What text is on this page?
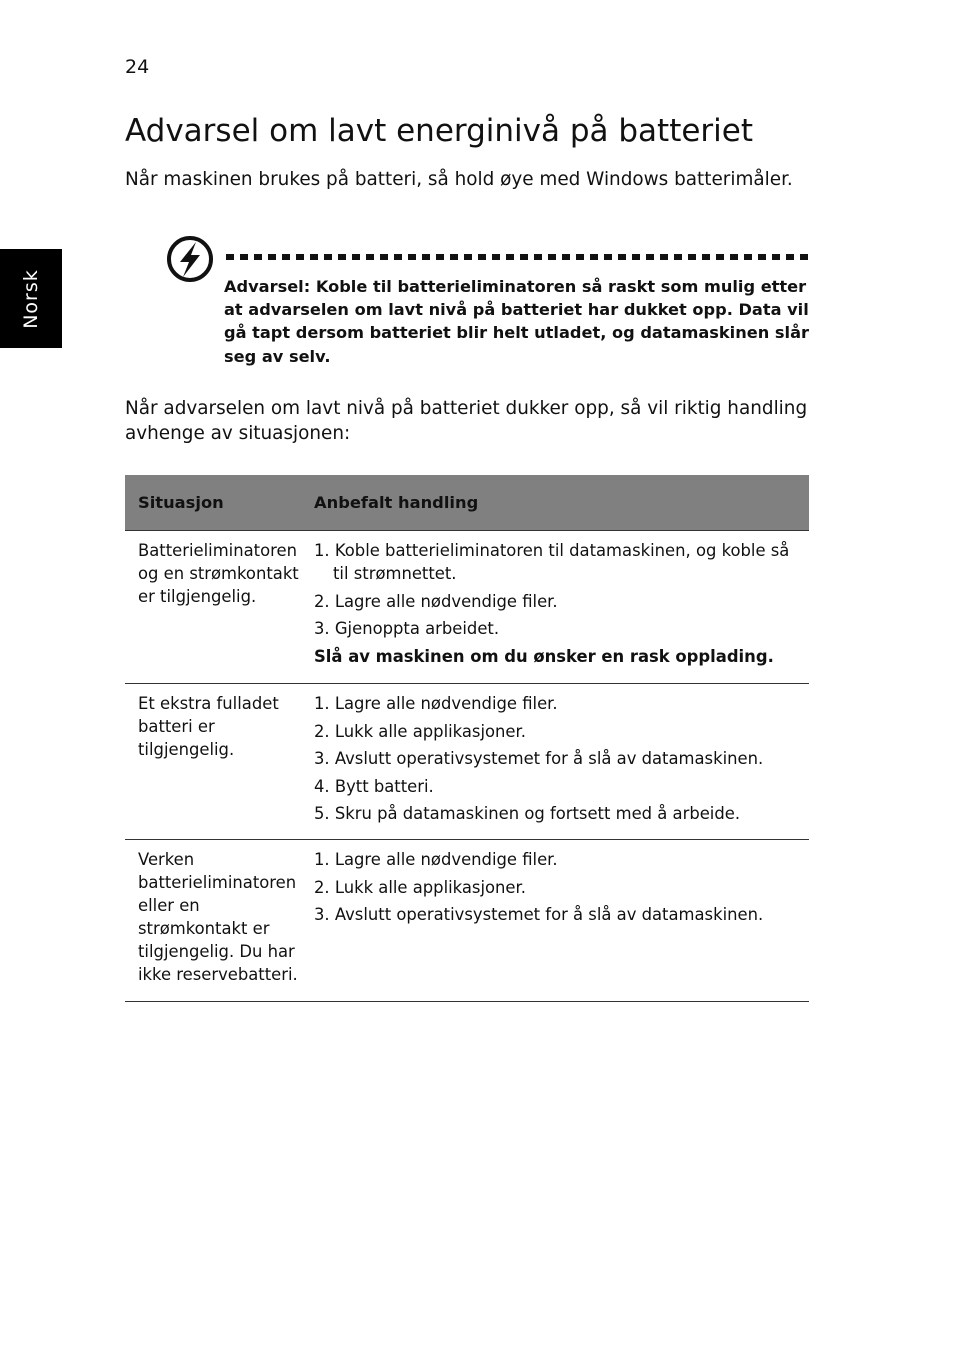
24
Norsk
Advarsel om lavt energinivå på batteriet

Når maskinen brukes på batteri, så hold øye med Windows batterimåler.

Advarsel: Koble til batterieliminatoren så raskt som mulig etter at advarselen om lavt nivå på batteriet har dukket opp. Data vil gå tapt dersom batteriet blir helt utladet, og datamaskinen slår seg av selv.

Når advarselen om lavt nivå på batteriet dukker opp, så vil riktig handling avhenge av situasjonen:

Situasjon	Anbefalt handling
Batterieliminatoren og en strømkontakt er tilgjengelig.
1. Koble batterieliminatoren til datamaskinen, og koble så til strømnettet.
2. Lagre alle nødvendige filer.
3. Gjenoppta arbeidet.
Slå av maskinen om du ønsker en rask opplading.
Et ekstra fulladet batteri er tilgjengelig.
1. Lagre alle nødvendige filer.
2. Lukk alle applikasjoner.
3. Avslutt operativsystemet for å slå av datamaskinen.
4. Bytt batteri.
5. Skru på datamaskinen og fortsett med å arbeide.
Verken batterieliminatoren eller en strømkontakt er tilgjengelig. Du har ikke reservebatteri.
1. Lagre alle nødvendige filer.
2. Lukk alle applikasjoner.
3. Avslutt operativsystemet for å slå av datamaskinen.
